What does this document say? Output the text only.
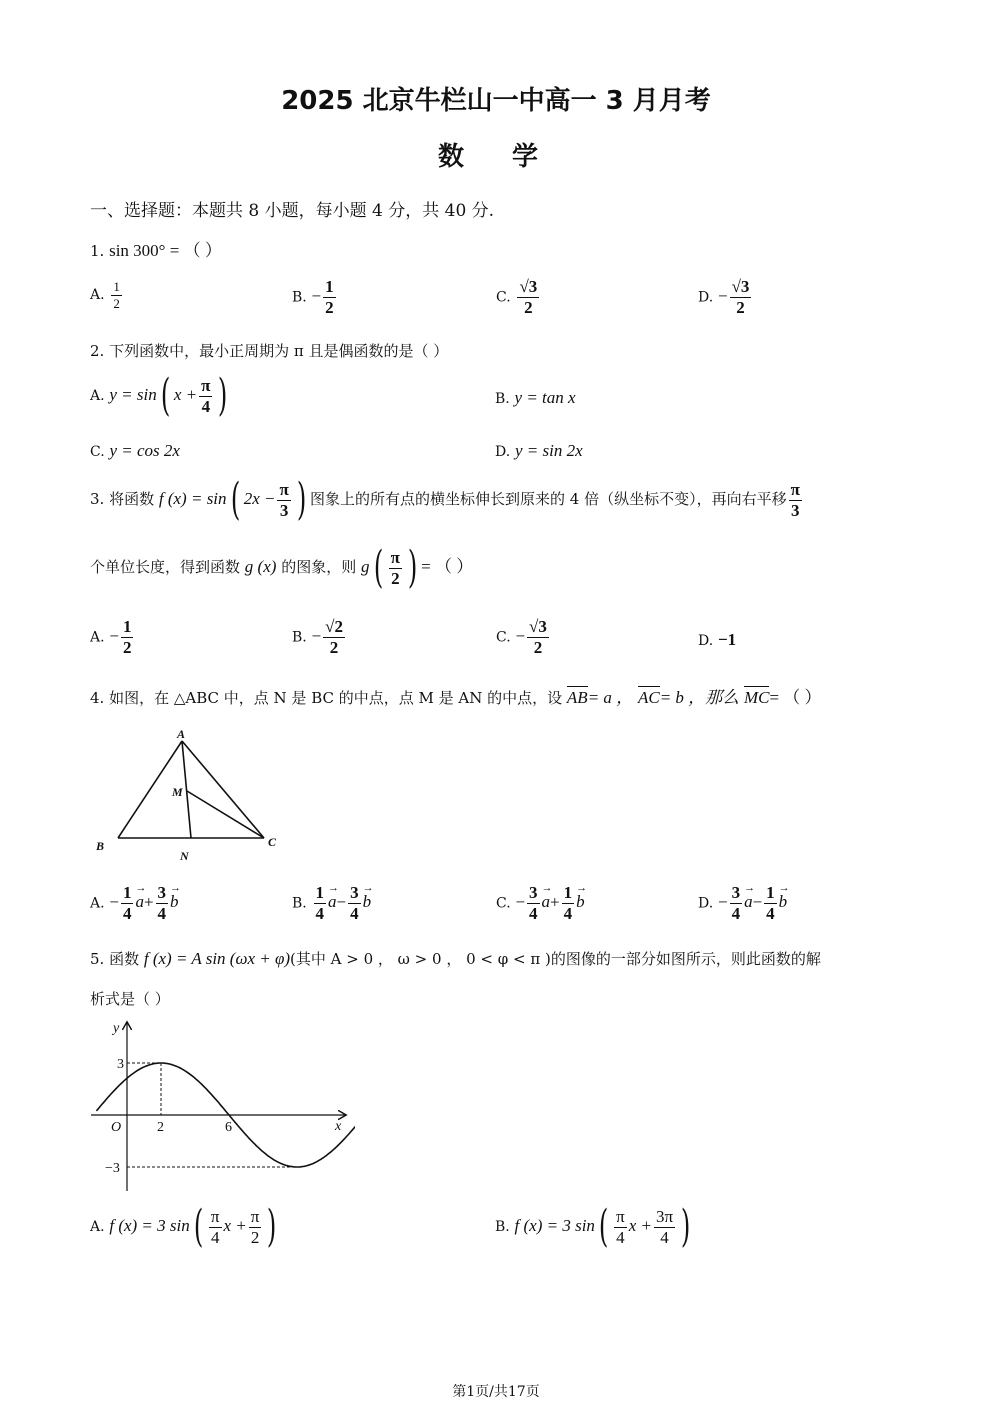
2025 北京牛栏山一中高一 3 月月考
数学
一、选择题：本题共 8 小题，每小题 4 分，共 40 分.
1. sin 300° = （ ）
A. $\frac{1}{2}$	B. − $\frac{1}{2}$	C. $\frac{√3}{2}$	D. − $\frac{√3}{2}$
2. 下列函数中，最小正周期为 π 且是偶函数的是（ ）
A. y = sin( $x + \frac{\pi}{4}$ )	B. y = tan x
C. y = cos 2x	D. y = sin 2x
3. 将函数 f (x) = sin( $2x - \frac{\pi}{3}$ ) 图象上的所有点的横坐标伸长到原来的 4 倍（纵坐标不变），再向右平移 $\frac{\pi}{3}$
个单位长度，得到函数 g (x) 的图象，则 $g( \frac{\pi}{2}$ ) = （ ）
A. − $\frac{1}{2}$	B. − $\frac{√2}{2}$	C. − $\frac{√3}{2}$	D. −1
4. 如图，在 △ABC 中，点 N 是 BC 的中点，点 M 是 AN 的中点，设 AB= a ， AC= b ，那么 MC= （ ）
A
B	C
M
N
A. − $\frac{1}{4}$
→ $a+ \frac{3}{4}$
→ b	B. $\frac{1}{4}$
→ $a- \frac{3}{4}$
→ b	C. − $\frac{3}{4}$
→ $a+ \frac{1}{4}$
→ b	D. − $\frac{3}{4}$
→ $a- \frac{1}{4}$
→ b
5. 函数 f (x) = A sin (ωx + φ)(其中 A > 0 ， ω > 0 ， 0 < φ < π )的图像的一部分如图所示，则此函数的解
析式是（ ）
y
x
O
3
−3
2	6
A. f (x) = 3 $\sin( \frac{\pi}{4}$ $x + \frac{\pi}{2}$ )	B. f (x) = 3 $\sin( \frac{\pi}{4}$ $x + \frac{3\pi}{4}$ )
第1页/共17页
